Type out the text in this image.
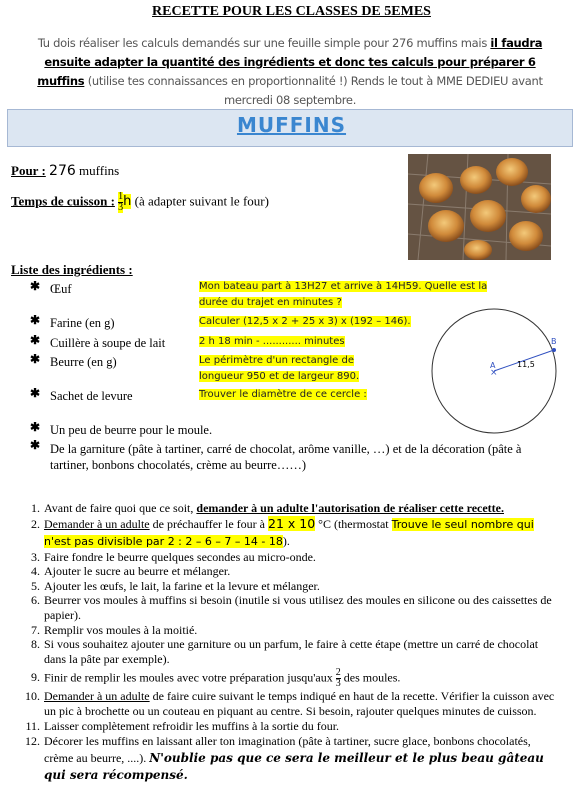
RECETTE POUR LES CLASSES DE 5EMES
Tu dois réaliser les calculs demandés sur une feuille simple pour 276 muffins mais il faudra ensuite adapter la quantité des ingrédients et donc tes calculs pour préparer 6 muffins (utilise tes connaissances en proportionnalité !) Rends le tout à MME DEDIEU avant mercredi 08 septembre.
MUFFINS
Pour : 276 muffins
Temps de cuisson : $\frac{1}{3}$ h (à adapter suivant le four)
Liste des ingrédients :
✱ Œuf	Mon bateau part à 13H27 et arrive à 14H59. Quelle est la durée du trajet en minutes ?
✱ Farine (en g)	Calculer (12,5 x 2 + 25 x 3) x (192 – 146).
✱ Cuillère à soupe de lait	2 h 18 min - ............ minutes
✱ Beurre (en g)	Le périmètre d'un rectangle de longueur 950 et de largeur 890.
✱ Sachet de levure	Trouver le diamètre de ce cercle :
A
×
B
11,5
✱ Un peu de beurre pour le moule.
✱ De la garniture (pâte à tartiner, carré de chocolat, arôme vanille, …) et de la décoration (pâte à tartiner, bonbons chocolatés, crème au beurre……)
1. Avant de faire quoi que ce soit, demander à un adulte l'autorisation de réaliser cette recette.
2. Demander à un adulte de préchauffer le four à 21 x 10 °C (thermostat Trouve le seul nombre qui n'est pas divisible par 2 : 2 – 6 – 7 – 14 - 18).
3. Faire fondre le beurre quelques secondes au micro-onde.
4. Ajouter le sucre au beurre et mélanger.
5. Ajouter les œufs, le lait, la farine et la levure et mélanger.
6. Beurrer vos moules à muffins si besoin (inutile si vous utilisez des moules en silicone ou des caissettes de papier).
7. Remplir vos moules à la moitié.
8. Si vous souhaitez ajouter une garniture ou un parfum, le faire à cette étape (mettre un carré de chocolat dans la pâte par exemple).
9. Finir de remplir les moules avec votre préparation jusqu'aux $\frac{2}{3}$ des moules.
10. Demander à un adulte de faire cuire suivant le temps indiqué en haut de la recette. Vérifier la cuisson avec un pic à brochette ou un couteau en piquant au centre. Si besoin, rajouter quelques minutes de cuisson.
11. Laisser complètement refroidir les muffins à la sortie du four.
12. Décorer les muffins en laissant aller ton imagination (pâte à tartiner, sucre glace, bonbons chocolatés, crème au beurre, ....). N'oublie pas que ce sera le meilleur et le plus beau gâteau qui sera récompensé.
